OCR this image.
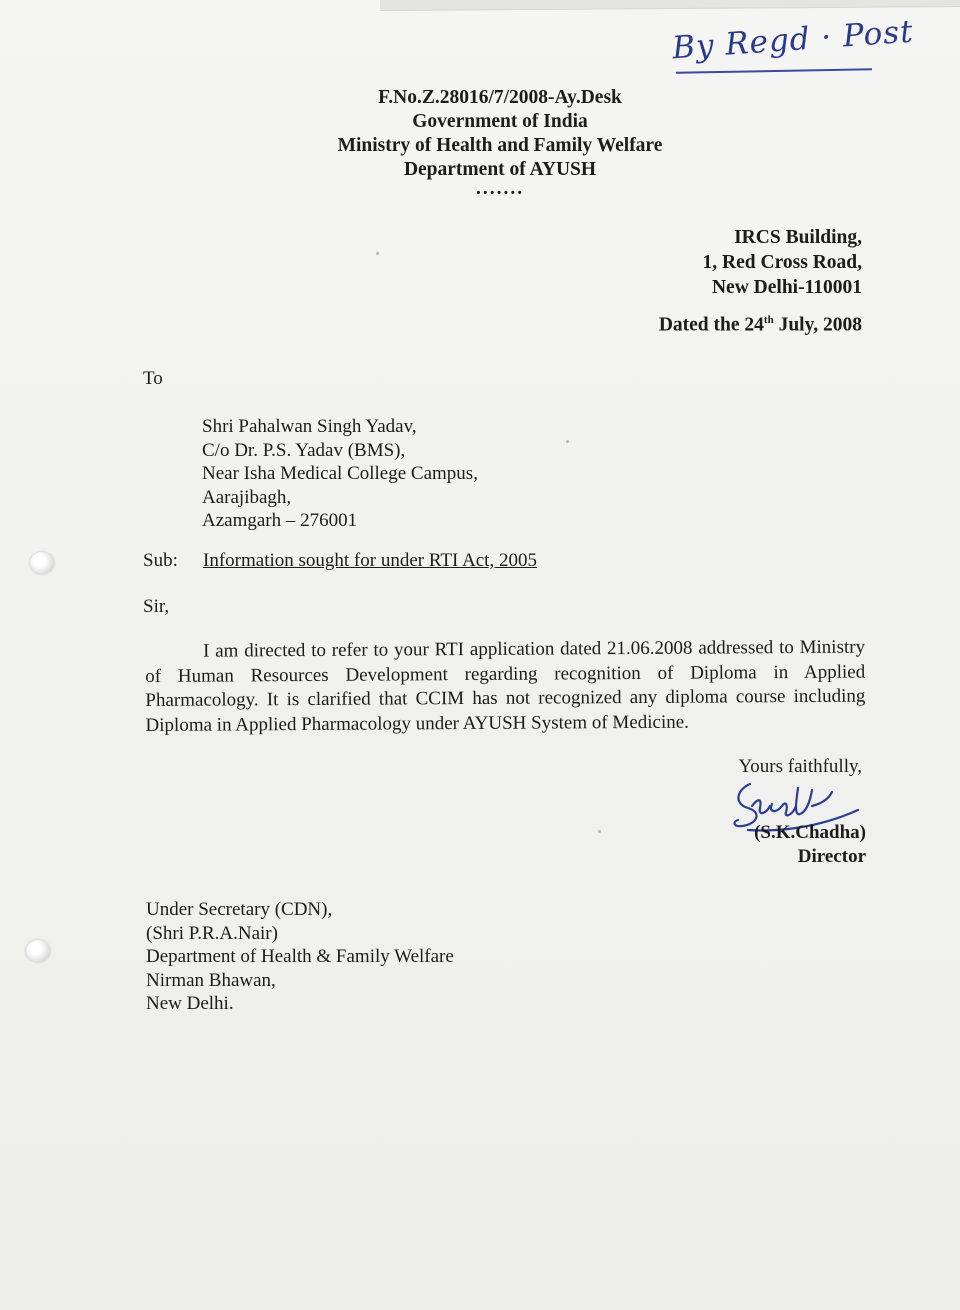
By Regd · Post
F.No.Z.28016/7/2008-Ay.Desk
Government of India
Ministry of Health and Family Welfare
Department of AYUSH
.......
IRCS Building,
1, Red Cross Road,
New Delhi-110001
Dated the 24th July, 2008
To
Shri Pahalwan Singh Yadav,
C/o Dr. P.S. Yadav (BMS),
Near Isha Medical College Campus,
Aarajibagh,
Azamgarh – 276001
Sub: Information sought for under RTI Act, 2005
Sir,

I am directed to refer to your RTI application dated 21.06.2008 addressed to Ministry of Human Resources Development regarding recognition of Diploma in Applied Pharmacology. It is clarified that CCIM has not recognized any diploma course including Diploma in Applied Pharmacology under AYUSH System of Medicine.

Yours faithfully,
(S.K.Chadha)
Director
Under Secretary (CDN),
(Shri P.R.A.Nair)
Department of Health & Family Welfare
Nirman Bhawan,
New Delhi.
